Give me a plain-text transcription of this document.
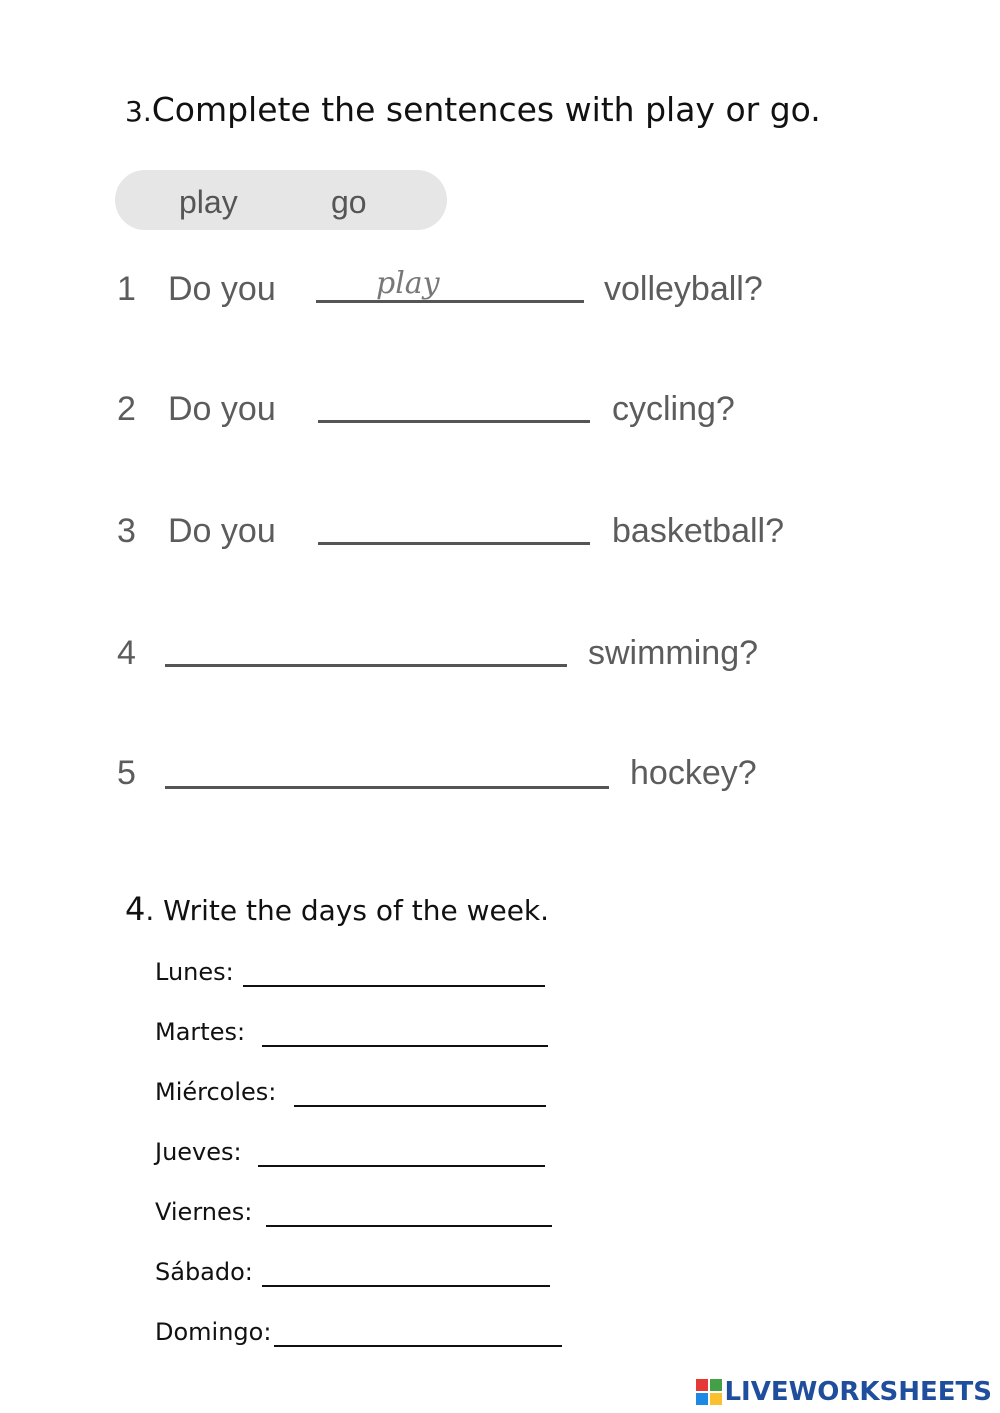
3.Complete the sentences with play or go.
play	go
1 Do you
play	volleyball?
2 Do you	cycling?
3 Do you	basketball?
4	swimming?
5	hockey?
4. Write the days of the week.
Lunes:
Martes:
Miércoles:
Jueves:
Viernes:
Sábado:
Domingo:
LIVEWORKSHEETS
